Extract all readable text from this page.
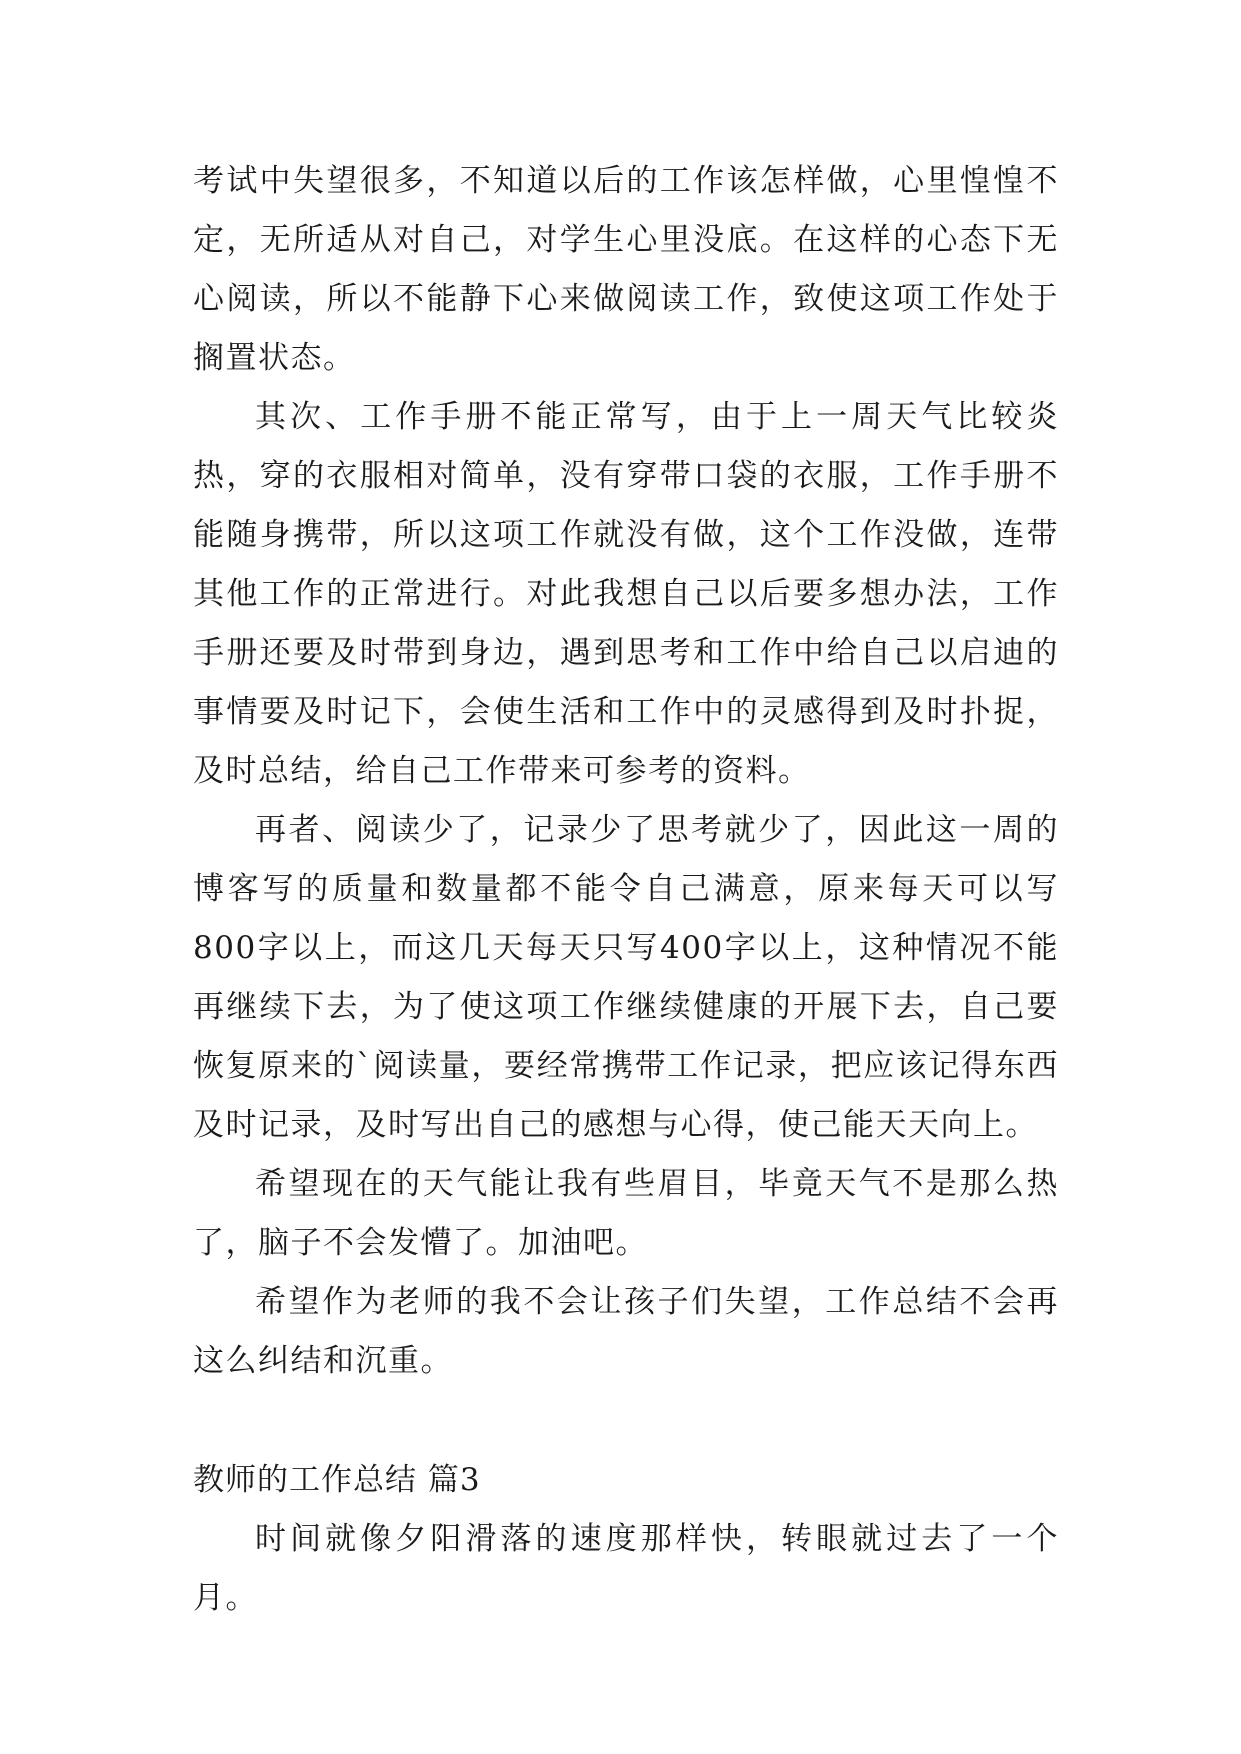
考试中失望很多，不知道以后的工作该怎样做，心里惶惶不定，无所适从对自己，对学生心里没底。在这样的心态下无心阅读，所以不能静下心来做阅读工作，致使这项工作处于搁置状态。

其次、工作手册不能正常写，由于上一周天气比较炎热，穿的衣服相对简单，没有穿带口袋的衣服，工作手册不能随身携带，所以这项工作就没有做，这个工作没做，连带其他工作的正常进行。对此我想自己以后要多想办法，工作手册还要及时带到身边，遇到思考和工作中给自己以启迪的事情要及时记下，会使生活和工作中的灵感得到及时扑捉，及时总结，给自己工作带来可参考的资料。

再者、阅读少了，记录少了思考就少了，因此这一周的博客写的质量和数量都不能令自己满意，原来每天可以写800字以上，而这几天每天只写400字以上，这种情况不能再继续下去，为了使这项工作继续健康的开展下去，自己要恢复原来的`阅读量，要经常携带工作记录，把应该记得东西及时记录，及时写出自己的感想与心得，使己能天天向上。

希望现在的天气能让我有些眉目，毕竟天气不是那么热了，脑子不会发懵了。加油吧。

希望作为老师的我不会让孩子们失望，工作总结不会再这么纠结和沉重。

教师的工作总结 篇3

时间就像夕阳滑落的速度那样快，转眼就过去了一个月。
